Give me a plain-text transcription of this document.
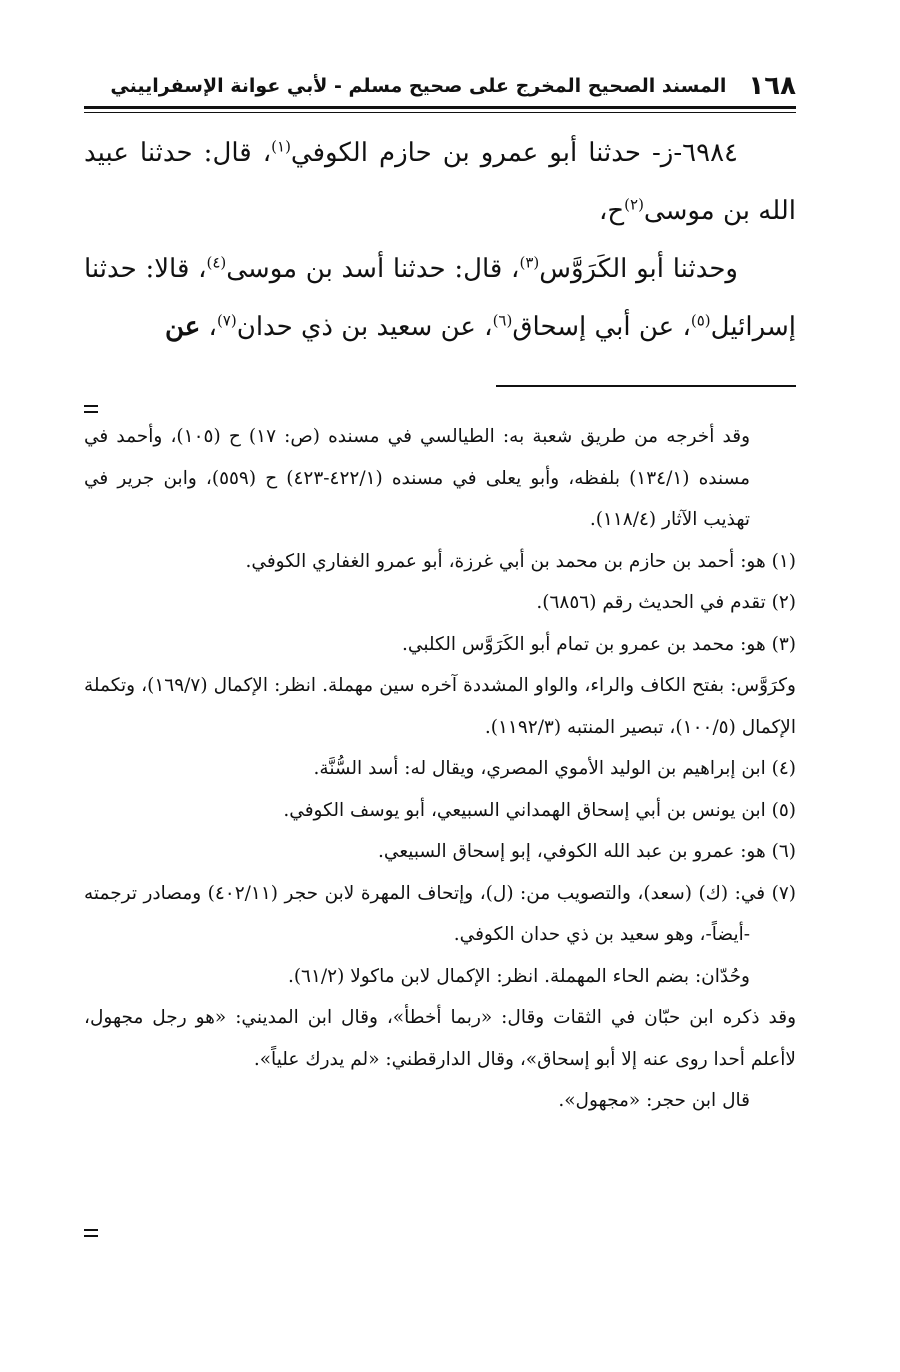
١٦٨
المسند الصحيح المخرج على صحيح مسلم - لأبي عوانة الإسفراييني

٦٩٨٤-ز- حدثنا أبو عمرو بن حازم الكوفي$^{(١)}$، قال: حدثنا عبيد الله بن موسى$^{(٢)}$ح،

وحدثنا أبو الكَرَوَّس$^{(٣)}$، قال: حدثنا أسد بن موسى$^{(٤)}$، قالا: حدثنا إسرائيل$^{(٥)}$، عن أبي إسحاق$^{(٦)}$، عن سعيد بن ذي حدان$^{(٧)}$، عن

وقد أخرجه من طريق شعبة به: الطيالسي في مسنده (ص: ١٧) ح (١٠٥)، وأحمد في مسنده (١٣٤/١) بلفظه، وأبو يعلى في مسنده (٤٢٢/١-٤٢٣) ح (٥٥٩)، وابن جرير في تهذيب الآثار (١١٨/٤).

(١) هو: أحمد بن حازم بن محمد بن أبي غرزة، أبو عمرو الغفاري الكوفي.

(٢) تقدم في الحديث رقم (٦٨٥٦).

(٣) هو: محمد بن عمرو بن تمام أبو الكَرَوَّس الكلبي.

وكرَوَّس: بفتح الكاف والراء، والواو المشددة آخره سين مهملة. انظر: الإكمال (١٦٩/٧)، وتكملة الإكمال (١٠٠/٥)، تبصير المنتبه (١١٩٢/٣).

(٤) ابن إبراهيم بن الوليد الأموي المصري، ويقال له: أسد السُّنَّة.

(٥) ابن يونس بن أبي إسحاق الهمداني السبيعي، أبو يوسف الكوفي.

(٦) هو: عمرو بن عبد الله الكوفي، إبو إسحاق السبيعي.

(٧) في: (ك) (سعد)، والتصويب من: (ل)، وإتحاف المهرة لابن حجر (٤٠٢/١١) ومصادر ترجمته -أيضاً-، وهو سعيد بن ذي حدان الكوفي.

وحُدّان: بضم الحاء المهملة. انظر: الإكمال لابن ماكولا (٦١/٢).

وقد ذكره ابن حبّان في الثقات وقال: «ربما أخطأ»، وقال ابن المديني: «هو رجل مجهول، لاأعلم أحدا روى عنه إلا أبو إسحاق»، وقال الدارقطني: «لم يدرك علياً».

قال ابن حجر: «مجهول».
